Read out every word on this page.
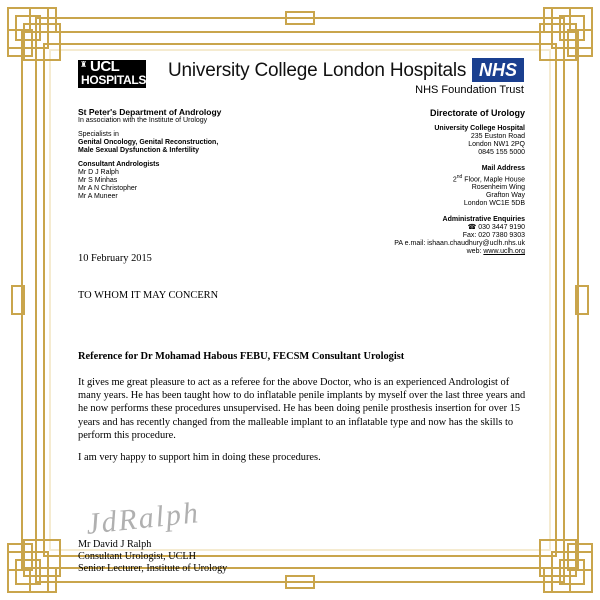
♜ UCL
HOSPITALS University College London Hospitals NHS
NHS Foundation Trust
St Peter's Department of Andrology
In association with the Institute of Urology
Specialists in
Genital Oncology, Genital Reconstruction,
Male Sexual Dysfunction & Infertility
Consultant Andrologists
Mr D J Ralph
Mr S Minhas
Mr A N Christopher
Mr A Muneer
Directorate of Urology
University College Hospital
235 Euston Road
London NW1 2PQ
0845 155 5000
Mail Address
2nd Floor, Maple House
Rosenheim Wing
Grafton Way
London WC1E 5DB
Administrative Enquiries
☎ 030 3447 9190
Fax: 020 7380 9303
PA e.mail: ishaan.chaudhury@uclh.nhs.uk
web: www.uclh.org
10 February 2015
TO WHOM IT MAY CONCERN
Reference for Dr Mohamad Habous FEBU, FECSM Consultant Urologist
It gives me great pleasure to act as a referee for the above Doctor, who is an experienced Andrologist of many years. He has been taught how to do inflatable penile implants by myself over the last three years and he now performs these procedures unsupervised. He has been doing penile prosthesis insertion for over 15 years and has recently changed from the malleable implant to an inflatable type and now has the skills to perform this procedure.
I am very happy to support him in doing these procedures.
JdRalph
Mr David J Ralph
Consultant Urologist, UCLH
Senior Lecturer, Institute of Urology
